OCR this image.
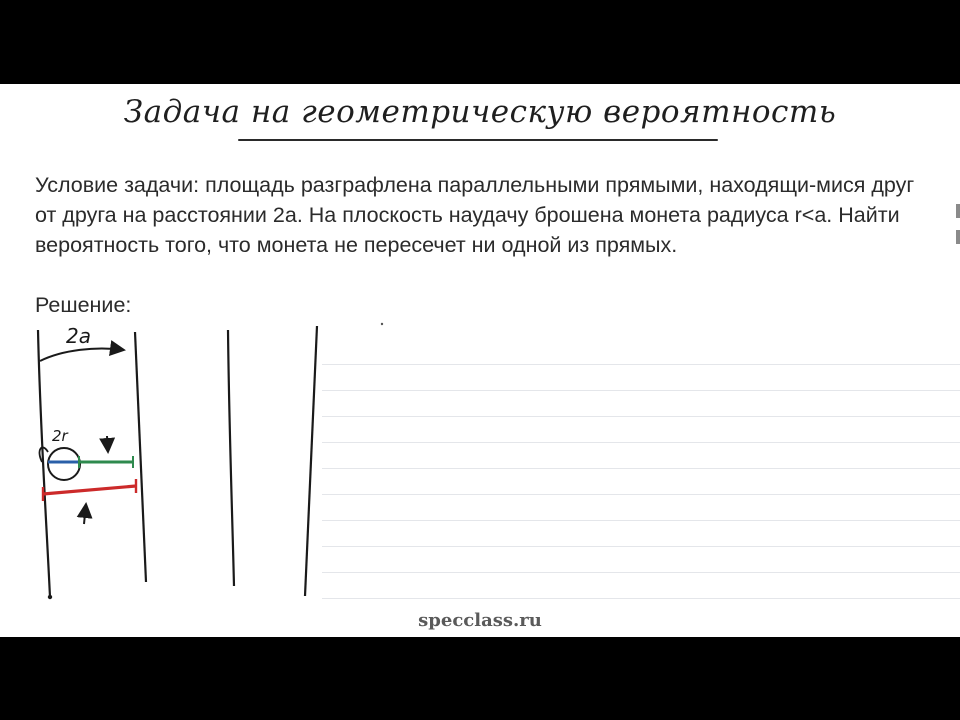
Задача на геометрическую вероятность
Условие задачи: площадь разграфлена параллельными прямыми, находящи-мися друг от друга на расстоянии 2a. На плоскость наудачу брошена монета радиуса r<a. Найти вероятность того, что монета не пересечет ни одной из прямых.
Решение:
2a
2r
specclass.ru
